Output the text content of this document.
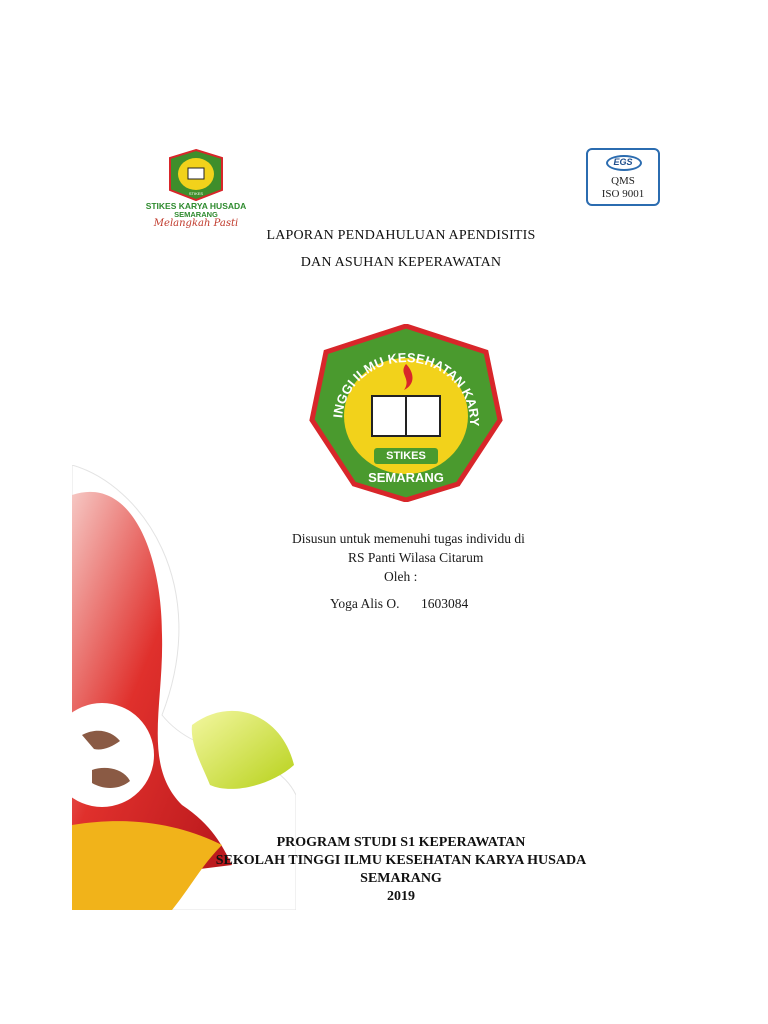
STIKES
STIKES KARYA HUSADA
SEMARANG
Melangkah Pasti
EGS
QMS
ISO 9001
LAPORAN PENDAHULUAN APENDISITIS
DAN ASUHAN KEPERAWATAN
INGGI ILMU KESEHATAN KARY
STIKES
SEMARANG
Disusun untuk memenuhi tugas individu di
RS Panti Wilasa Citarum
Oleh :
Yoga Alis O. 1603084
PROGRAM STUDI S1 KEPERAWATAN
SEKOLAH TINGGI ILMU KESEHATAN KARYA HUSADA
SEMARANG
2019
